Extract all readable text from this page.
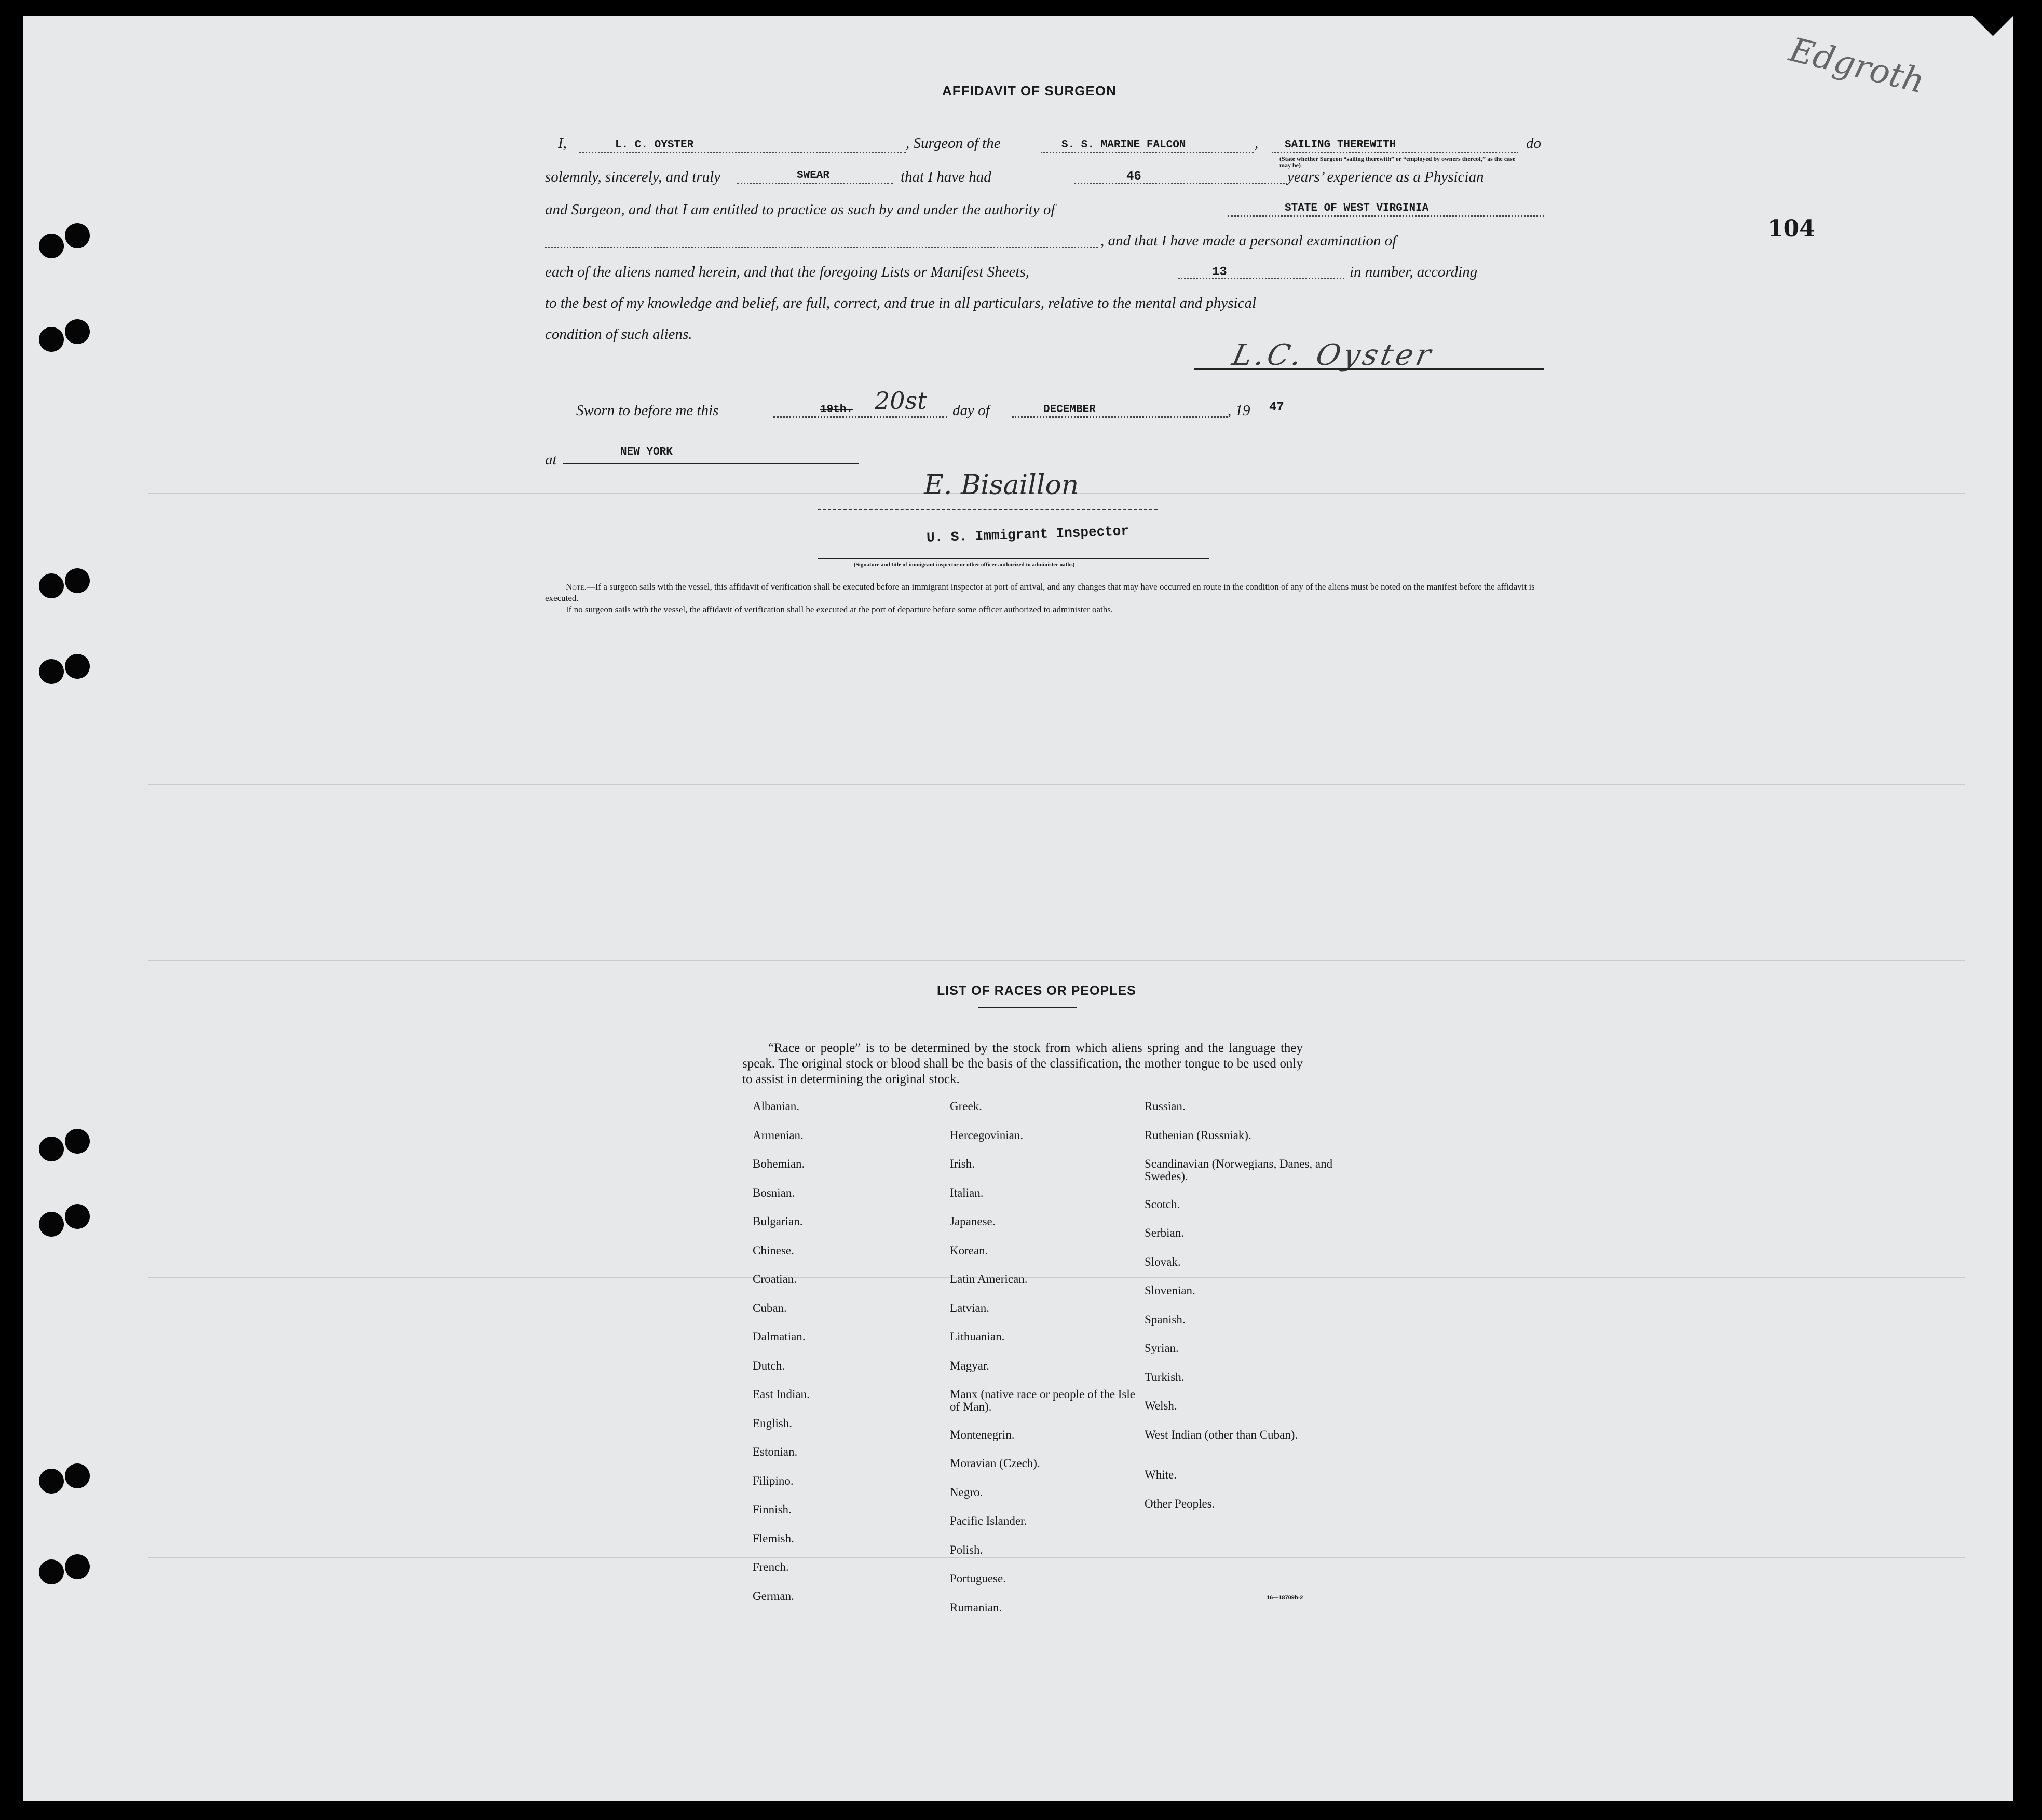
Edgroth
104
AFFIDAVIT OF SURGEON
I,	L. C. OYSTER	, Surgeon of the	S. S. MARINE FALCON	, SAILING THEREWITH	do
(State whether Surgeon “sailing therewith” or “employed by owners thereof,” as the case may be)
solemnly, sincerely, and truly	SWEAR	that I have had	46	years’ experience as a Physician
and Surgeon, and that I am entitled to practice as such by and under the authority of	STATE OF WEST VIRGINIA
, and that I have made a personal examination of
each of the aliens named herein, and that the foregoing Lists or Manifest Sheets,	13	in number, according
to the best of my knowledge and belief, are full, correct, and true in all particulars, relative to the mental and physical
condition of such aliens.
L.C. Oyster
Sworn to before me this	19th. 20st day of	DECEMBER	, 19 47
at	NEW YORK
E. Bisaillon
U. S. Immigrant Inspector
(Signature and title of immigrant inspector or other officer authorized to administer oaths)
Note.—If a surgeon sails with the vessel, this affidavit of verification shall be executed before an immigrant inspector at port of arrival, and any changes that may have occurred en route in the condition of any of the aliens must be noted on the manifest before the affidavit is executed.
If no surgeon sails with the vessel, the affidavit of verification shall be executed at the port of departure before some officer authorized to administer oaths.
LIST OF RACES OR PEOPLES
“Race or people” is to be determined by the stock from which aliens spring and the language they speak. The original stock or blood shall be the basis of the classification, the mother tongue to be used only to assist in determining the original stock.
Albanian.
Armenian.
Bohemian.
Bosnian.
Bulgarian.
Chinese.
Croatian.
Cuban.
Dalmatian.
Dutch.
East Indian.
English.
Estonian.
Filipino.
Finnish.
Flemish.
French.
German.
Greek.
Hercegovinian.
Irish.
Italian.
Japanese.
Korean.
Latin American.
Latvian.
Lithuanian.
Magyar.
Manx (native race or people of the Isle of Man).
Montenegrin.
Moravian (Czech).
Negro.
Pacific Islander.
Polish.
Portuguese.
Rumanian.
Russian.
Ruthenian (Russniak).
Scandinavian (Norwegians, Danes, and Swedes).
Scotch.
Serbian.
Slovak.
Slovenian.
Spanish.
Syrian.
Turkish.
Welsh.
West Indian (other than Cuban).
White.
Other Peoples.
16—18709b-2
